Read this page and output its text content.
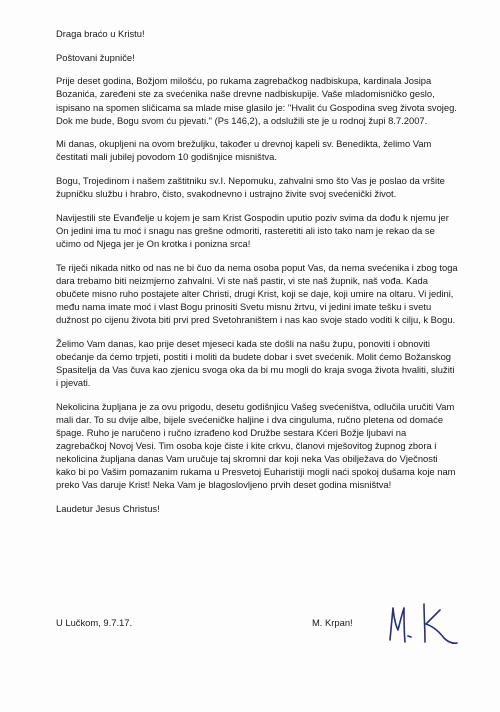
Draga braćo u Kristu!

Poštovani župniče!

Prije deset godina, Božjom milošću, po rukama zagrebačkog nadbiskupa, kardinala Josipa Bozanića, zaređeni ste za svećenika naše drevne nadbiskupije. Vaše mladomisničko geslo, ispisano na spomen sličicama sa mlade mise glasilo je: "Hvalit ću Gospodina sveg života svojeg. Dok me bude, Bogu svom ću pjevati." (Ps 146,2), a odslužili ste je u rodnoj župi 8.7.2007.

Mi danas, okupljeni na ovom brežuljku, također u drevnoj kapeli sv. Benedikta, želimo Vam čestitati mali jubilej povodom 10 godišnjice misništva.

Bogu, Trojedinom i našem zaštitniku sv.I. Nepomuku, zahvalni smo što Vas je poslao da vršite župničku službu i hrabro, čisto, svakodnevno i ustrajno živite svoj svećenički život.

Navijestili ste Evanđelje u kojem je sam Krist Gospodin uputio poziv svima da dođu k njemu jer On jedini ima tu moć i snagu nas grešne odmoriti, rasteretiti ali isto tako nam je rekao da se učimo od Njega jer je On krotka i ponizna srca!

Te riječi nikada nitko od nas ne bi čuo da nema osoba poput Vas, da nema svećenika i zbog toga dara trebamo biti neizmjerno zahvalni. Vi ste naš pastir, vi ste naš župnik, naš vođa. Kada obučete misno ruho postajete alter Christi, drugi Krist, koji se daje, koji umire na oltaru. Vi jedini, među nama imate moć i vlast Bogu prinositi Svetu misnu žrtvu, vi jedini imate tešku i svetu dužnost po cijenu života biti prvi pred Svetohraništem i nas kao svoje stado voditi k cilju, k Bogu.

Želimo Vam danas, kao prije deset mjeseci kada ste došli na našu župu, ponoviti i obnoviti obećanje da ćemo trpjeti, postiti i moliti da budete dobar i svet svećenik. Molit ćemo Božanskog Spasitelja da Vas čuva kao zjenicu svoga oka da bi mu mogli do kraja svoga života hvaliti, služiti i pjevati.

Nekolicina župljana je za ovu prigodu, desetu godišnjicu Vašeg svećeništva, odlučila uručiti Vam mali dar. To su dvije albe, bijele svećeničke haljine i dva cinguluma, ručno pletena od domaće špage. Ruho je naručeno i ručno izrađeno kod Družbe sestara Kćeri Božje ljubavi na zagrebačkoj Novoj Vesi. Tim osoba koje čiste i kite crkvu, članovi mješovitog župnog zbora i nekolicina župljana danas Vam uručuje taj skromni dar koji neka Vas obilježava do Vječnosti kako bi po Vašim pomazanim rukama u Presvetoj Euharistiji mogli naći spokoj dušama koje nam preko Vas daruje Krist! Neka Vam je blagoslovljeno prvih deset godina misništva!

Laudetur Jesus Christus!

U Lučkom, 9.7.17.	M. Krpan!
